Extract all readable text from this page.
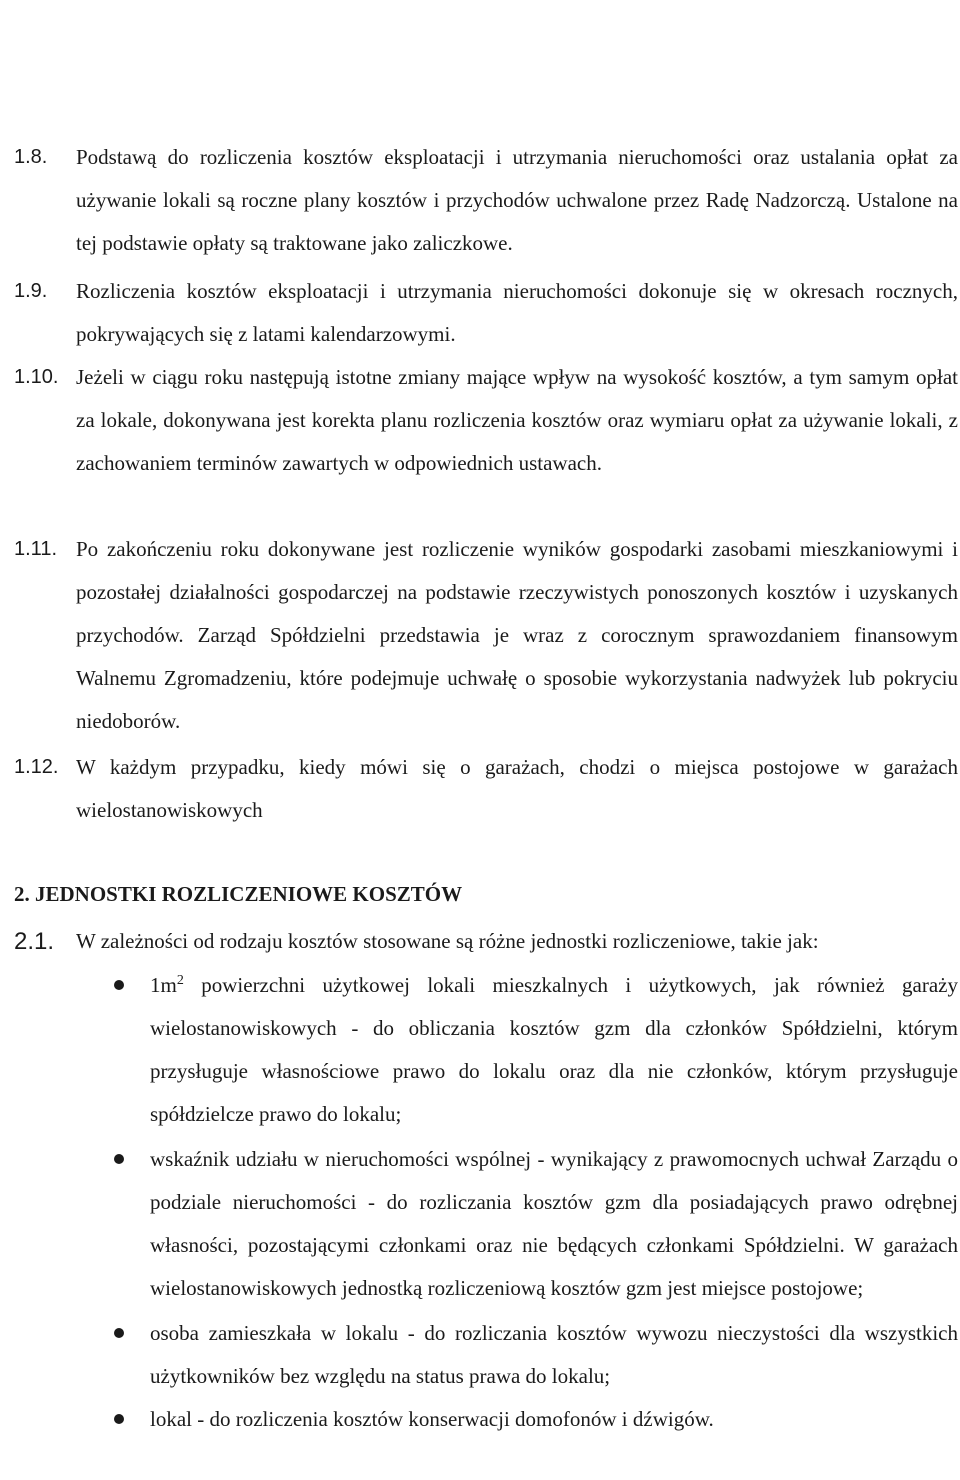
1.8. Podstawą do rozliczenia kosztów eksploatacji i utrzymania nieruchomości oraz ustalania opłat za używanie lokali są roczne plany kosztów i przychodów uchwalone przez Radę Nadzorczą. Ustalone na tej podstawie opłaty są traktowane jako zaliczkowe.
1.9. Rozliczenia kosztów eksploatacji i utrzymania nieruchomości dokonuje się w okresach rocznych, pokrywających się z latami kalendarzowymi.
1.10. Jeżeli w ciągu roku następują istotne zmiany mające wpływ na wysokość kosztów, a tym samym opłat za lokale, dokonywana jest korekta planu rozliczenia kosztów oraz wymiaru opłat za używanie lokali, z zachowaniem terminów zawartych w odpowiednich ustawach.
1.11. Po zakończeniu roku dokonywane jest rozliczenie wyników gospodarki zasobami mieszkaniowymi i pozostałej działalności gospodarczej na podstawie rzeczywistych ponoszonych kosztów i uzyskanych przychodów. Zarząd Spółdzielni przedstawia je wraz z corocznym sprawozdaniem finansowym Walnemu Zgromadzeniu, które podejmuje uchwałę o sposobie wykorzystania nadwyżek lub pokryciu niedoborów.
1.12. W każdym przypadku, kiedy mówi się o garażach, chodzi o miejsca postojowe w garażach wielostanowiskowych
2. JEDNOSTKI ROZLICZENIOWE KOSZTÓW
2.1. W zależności od rodzaju kosztów stosowane są różne jednostki rozliczeniowe, takie jak:
$1m^2$ powierzchni użytkowej lokali mieszkalnych i użytkowych, jak również garaży wielostanowiskowych - do obliczania kosztów gzm dla członków Spółdzielni, którym przysługuje własnościowe prawo do lokalu oraz dla nie członków, którym przysługuje spółdzielcze prawo do lokalu;
wskaźnik udziału w nieruchomości wspólnej - wynikający z prawomocnych uchwał Zarządu o podziale nieruchomości - do rozliczania kosztów gzm dla posiadających prawo odrębnej własności, pozostającymi członkami oraz nie będących członkami Spółdzielni. W garażach wielostanowiskowych jednostką rozliczeniową kosztów gzm jest miejsce postojowe;
osoba zamieszkała w lokalu - do rozliczania kosztów wywozu nieczystości dla wszystkich użytkowników bez względu na status prawa do lokalu;
lokal - do rozliczenia kosztów konserwacji domofonów i dźwigów.
